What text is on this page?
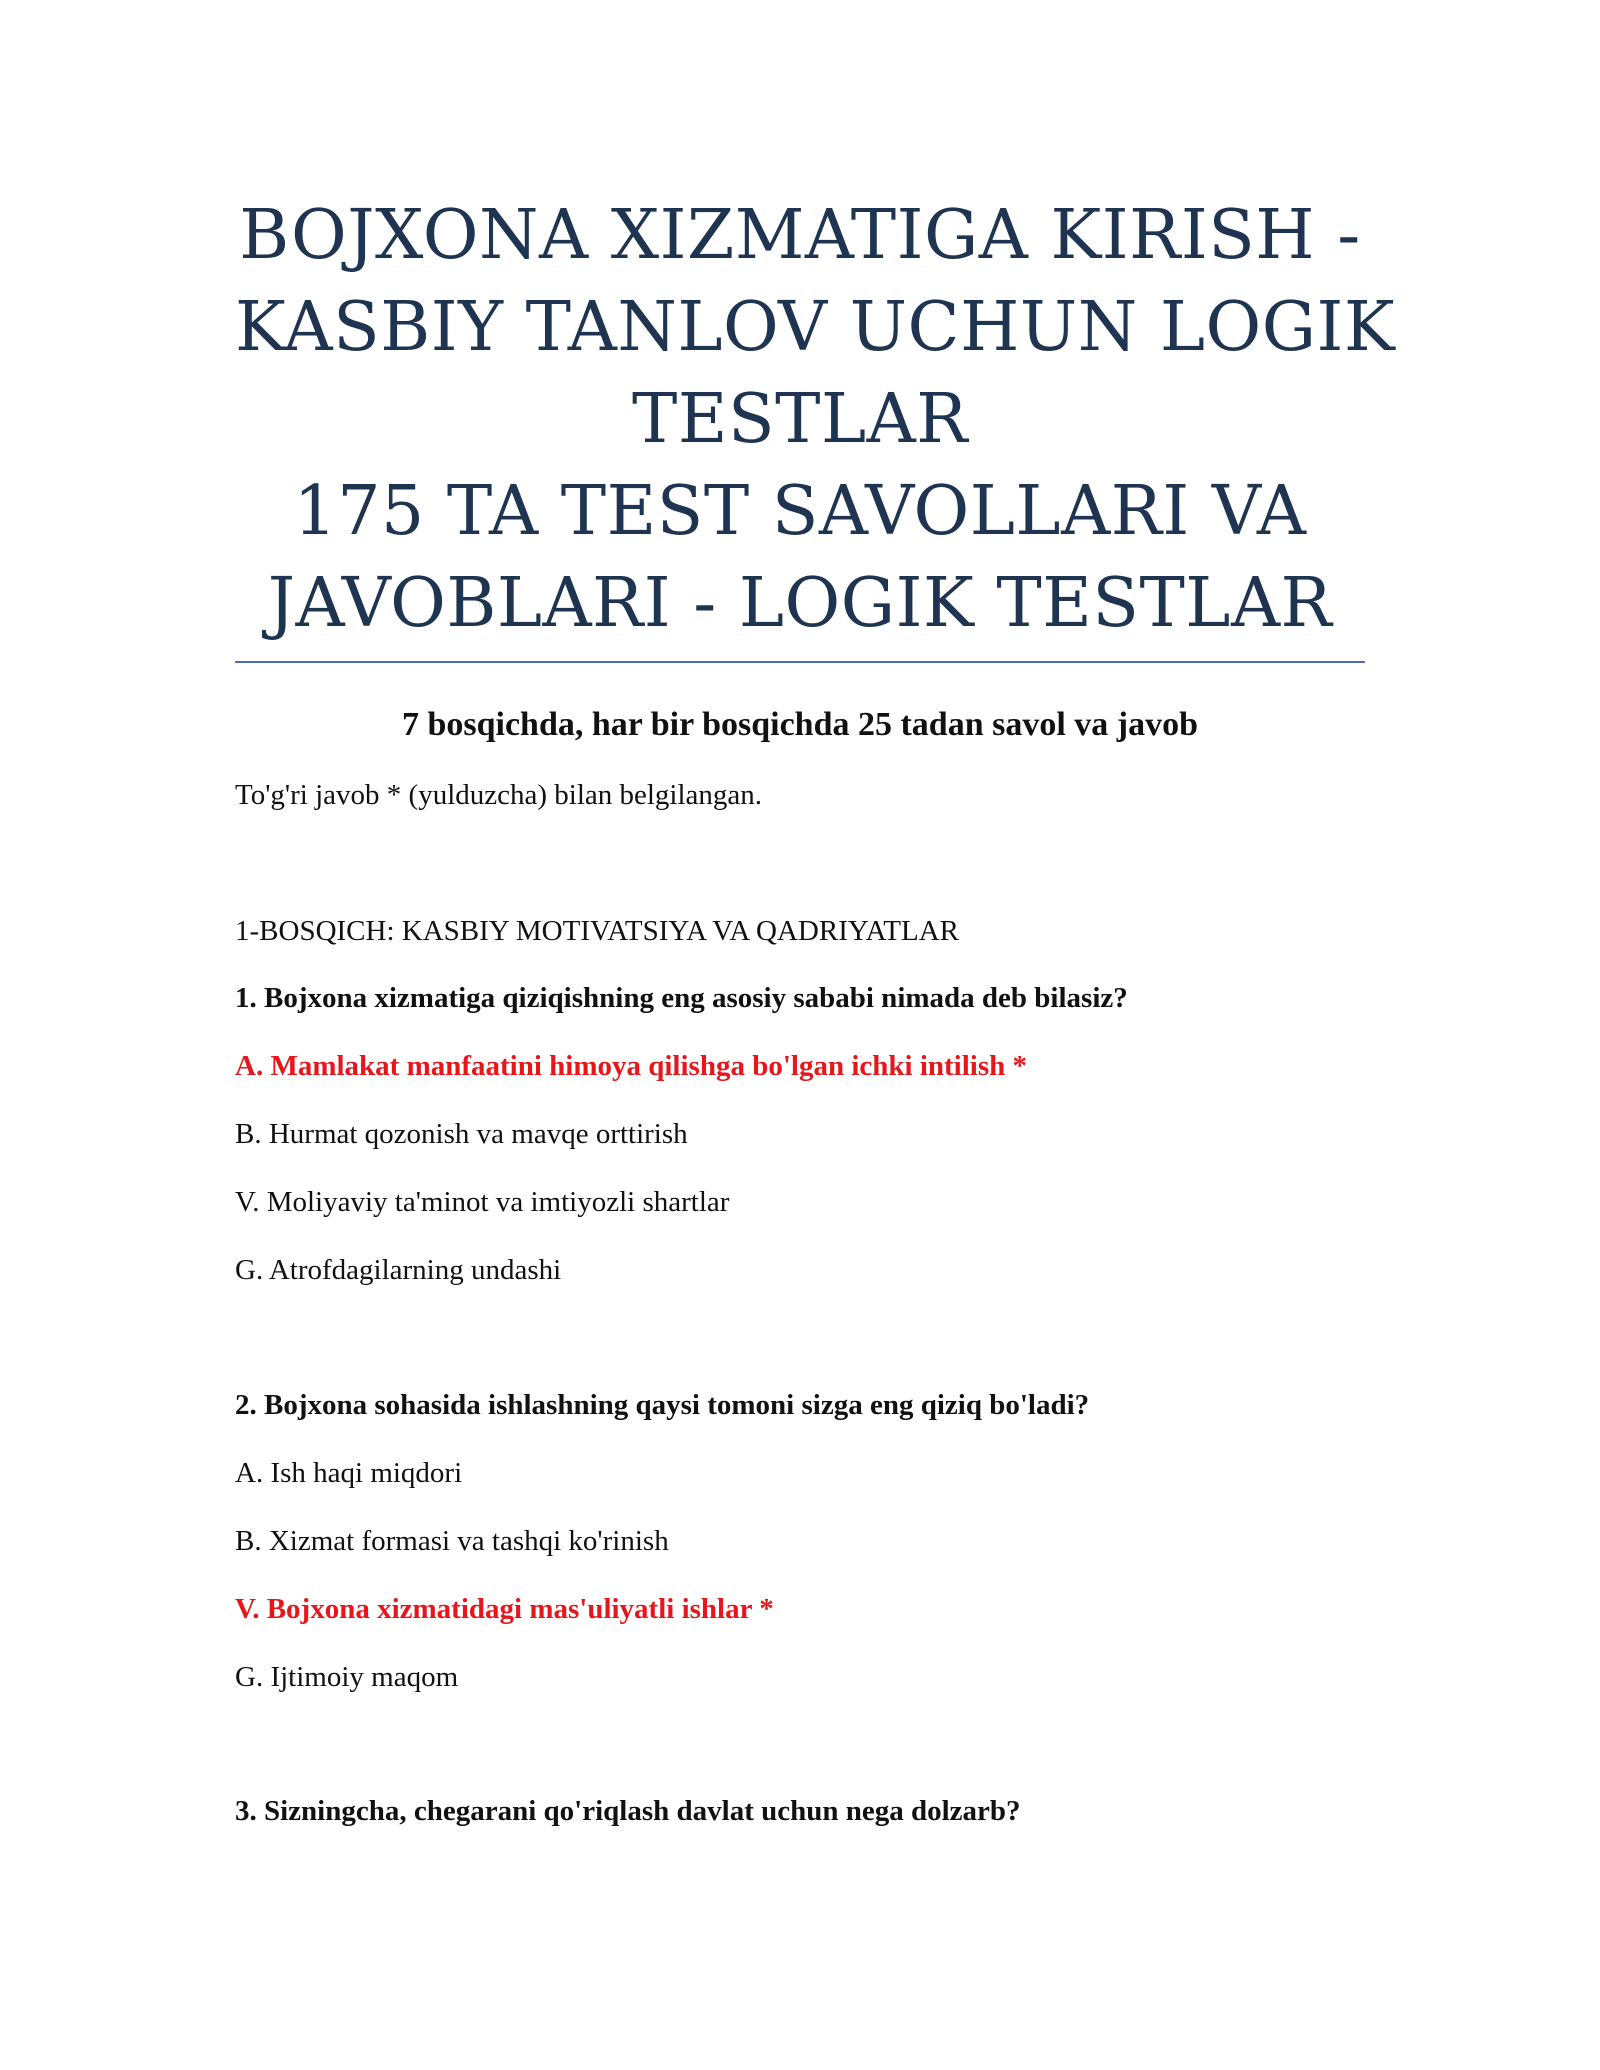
BOJXONA XIZMATIGA KIRISH -
KASBIY TANLOV UCHUN LOGIK
TESTLAR
175 TA TEST SAVOLLARI VA
JAVOBLARI - LOGIK TESTLAR
7 bosqichda, har bir bosqichda 25 tadan savol va javob
To'g'ri javob * (yulduzcha) bilan belgilangan.
1-BOSQICH: KASBIY MOTIVATSIYA VA QADRIYATLAR
1. Bojxona xizmatiga qiziqishning eng asosiy sababi nimada deb bilasiz?
A. Mamlakat manfaatini himoya qilishga bo'lgan ichki intilish *
B. Hurmat qozonish va mavqe orttirish
V. Moliyaviy ta'minot va imtiyozli shartlar
G. Atrofdagilarning undashi
2. Bojxona sohasida ishlashning qaysi tomoni sizga eng qiziq bo'ladi?
A. Ish haqi miqdori
B. Xizmat formasi va tashqi ko'rinish
V. Bojxona xizmatidagi mas'uliyatli ishlar *
G. Ijtimoiy maqom
3. Sizningcha, chegarani qo'riqlash davlat uchun nega dolzarb?
